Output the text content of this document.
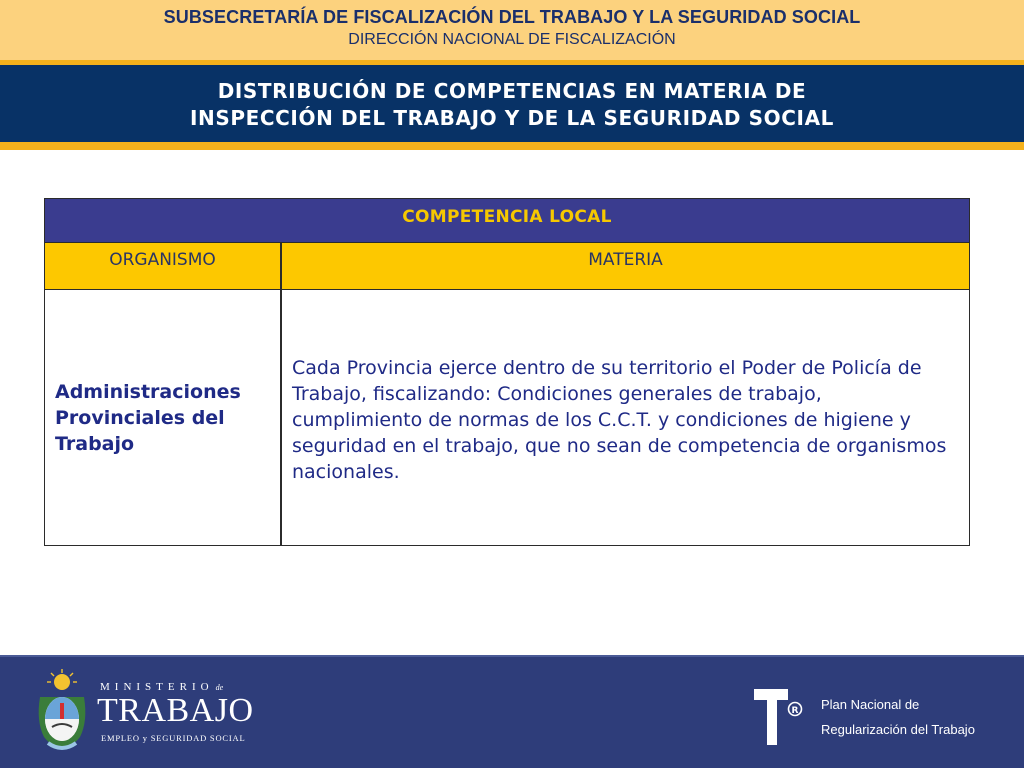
SUBSECRETARÍA DE FISCALIZACIÓN DEL TRABAJO Y LA SEGURIDAD SOCIAL
DIRECCIÓN NACIONAL DE FISCALIZACIÓN
DISTRIBUCIÓN DE COMPETENCIAS EN MATERIA DE
INSPECCIÓN DEL TRABAJO Y DE LA SEGURIDAD SOCIAL
COMPETENCIA LOCAL
ORGANISMO	MATERIA
Administraciones Provinciales del Trabajo
Cada Provincia ejerce dentro de su territorio el Poder de Policía de Trabajo, fiscalizando: Condiciones generales de trabajo, cumplimiento de normas de los C.C.T. y condiciones de higiene y seguridad en el trabajo, que no sean de competencia de organismos nacionales.
MINISTERIO de
TRABAJO
EMPLEO y SEGURIDAD SOCIAL
R Plan Nacional de
Regularización del Trabajo
